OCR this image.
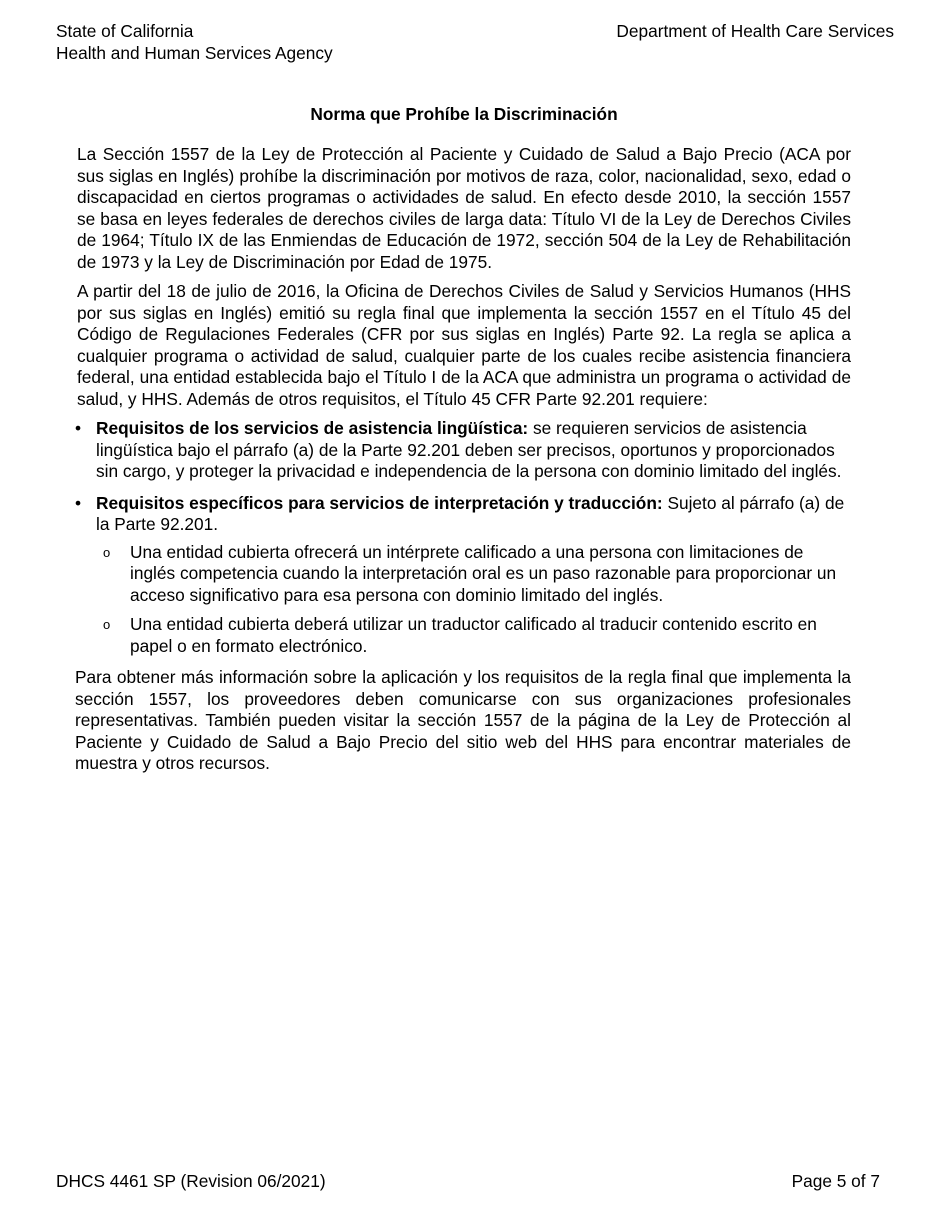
State of California
Health and Human Services Agency
Department of Health Care Services
Norma que Prohíbe la Discriminación

La Sección 1557 de la Ley de Protección al Paciente y Cuidado de Salud a Bajo Precio (ACA por sus siglas en Inglés) prohíbe la discriminación por motivos de raza, color, nacionalidad, sexo, edad o discapacidad en ciertos programas o actividades de salud. En efecto desde 2010, la sección 1557 se basa en leyes federales de derechos civiles de larga data: Título VI de la Ley de Derechos Civiles de 1964; Título IX de las Enmiendas de Educación de 1972, sección 504 de la Ley de Rehabilitación de 1973 y la Ley de Discriminación por Edad de 1975.

A partir del 18 de julio de 2016, la Oficina de Derechos Civiles de Salud y Servicios Humanos (HHS por sus siglas en Inglés) emitió su regla final que implementa la sección 1557 en el Título 45 del Código de Regulaciones Federales (CFR por sus siglas en Inglés) Parte 92. La regla se aplica a cualquier programa o actividad de salud, cualquier parte de los cuales recibe asistencia financiera federal, una entidad establecida bajo el Título I de la ACA que administra un programa o actividad de salud, y HHS. Además de otros requisitos, el Título 45 CFR Parte 92.201 requiere:

• Requisitos de los servicios de asistencia lingüística: se requieren servicios de asistencia lingüística bajo el párrafo (a) de la Parte 92.201 deben ser precisos, oportunos y proporcionados sin cargo, y proteger la privacidad e independencia de la persona con dominio limitado del inglés.
• Requisitos específicos para servicios de interpretación y traducción: Sujeto al párrafo (a) de la Parte 92.201.
o Una entidad cubierta ofrecerá un intérprete calificado a una persona con limitaciones de inglés competencia cuando la interpretación oral es un paso razonable para proporcionar un acceso significativo para esa persona con dominio limitado del inglés.
o Una entidad cubierta deberá utilizar un traductor calificado al traducir contenido escrito en papel o en formato electrónico.

Para obtener más información sobre la aplicación y los requisitos de la regla final que implementa la sección 1557, los proveedores deben comunicarse con sus organizaciones profesionales representativas. También pueden visitar la sección 1557 de la página de la Ley de Protección al Paciente y Cuidado de Salud a Bajo Precio del sitio web del HHS para encontrar materiales de muestra y otros recursos.

DHCS 4461 SP (Revision 06/2021)	Page 5 of 7
